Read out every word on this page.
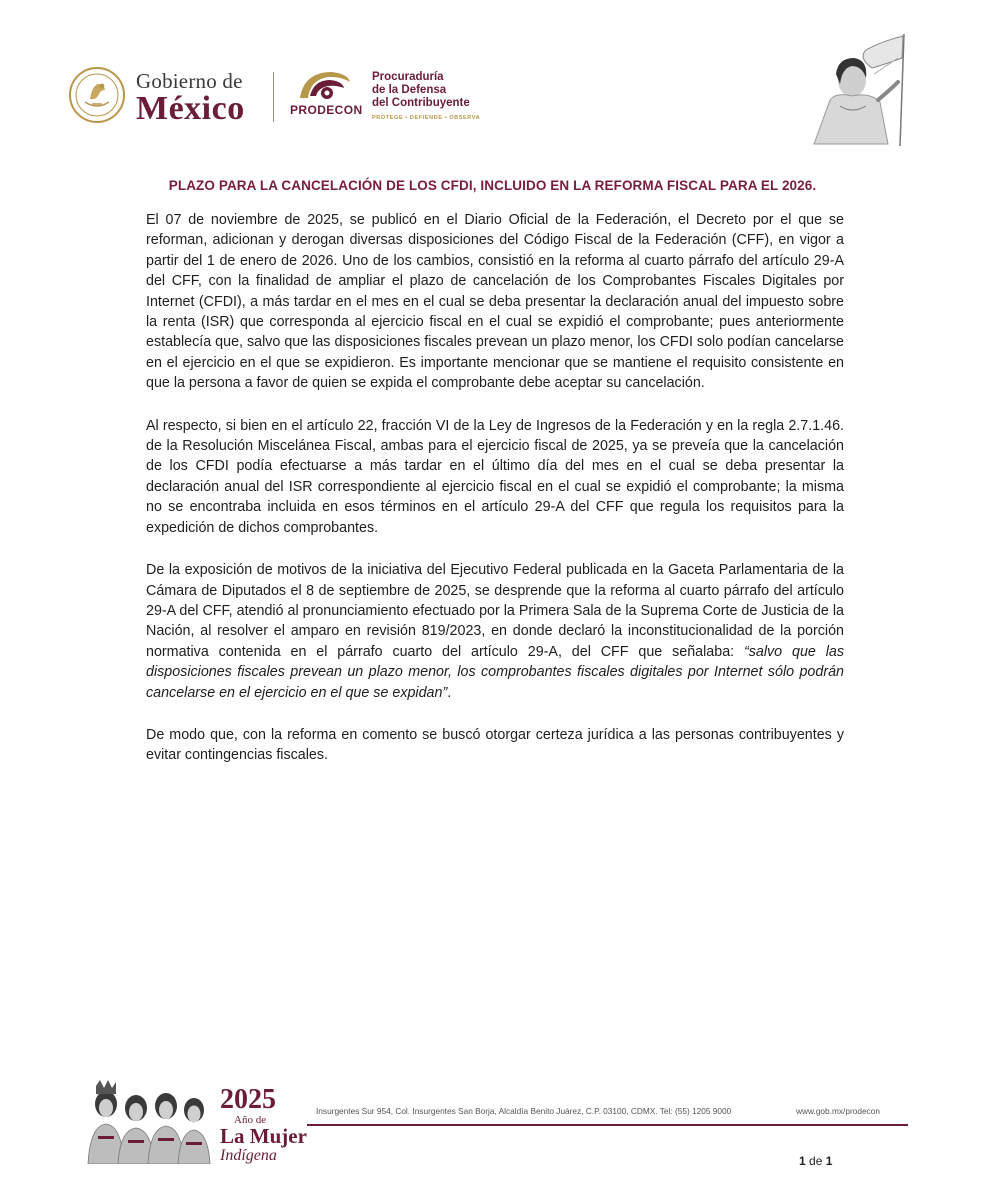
Gobierno de
México	PRODECON
Procuraduría
de la Defensa
del Contribuyente
PROTEGE • DEFIENDE • OBSERVA
PLAZO PARA LA CANCELACIÓN DE LOS CFDI, INCLUIDO EN LA REFORMA FISCAL PARA EL 2026.

El 07 de noviembre de 2025, se publicó en el Diario Oficial de la Federación, el Decreto por el que se reforman, adicionan y derogan diversas disposiciones del Código Fiscal de la Federación (CFF), en vigor a partir del 1 de enero de 2026. Uno de los cambios, consistió en la reforma al cuarto párrafo del artículo 29-A del CFF, con la finalidad de ampliar el plazo de cancelación de los Comprobantes Fiscales Digitales por Internet (CFDI), a más tardar en el mes en el cual se deba presentar la declaración anual del impuesto sobre la renta (ISR) que corresponda al ejercicio fiscal en el cual se expidió el comprobante; pues anteriormente establecía que, salvo que las disposiciones fiscales prevean un plazo menor, los CFDI solo podían cancelarse en el ejercicio en el que se expidieron. Es importante mencionar que se mantiene el requisito consistente en que la persona a favor de quien se expida el comprobante debe aceptar su cancelación.

Al respecto, si bien en el artículo 22, fracción VI de la Ley de Ingresos de la Federación y en la regla 2.7.1.46. de la Resolución Miscelánea Fiscal, ambas para el ejercicio fiscal de 2025, ya se preveía que la cancelación de los CFDI podía efectuarse a más tardar en el último día del mes en el cual se deba presentar la declaración anual del ISR correspondiente al ejercicio fiscal en el cual se expidió el comprobante; la misma no se encontraba incluida en esos términos en el artículo 29-A del CFF que regula los requisitos para la expedición de dichos comprobantes.

De la exposición de motivos de la iniciativa del Ejecutivo Federal publicada en la Gaceta Parlamentaria de la Cámara de Diputados el 8 de septiembre de 2025, se desprende que la reforma al cuarto párrafo del artículo 29-A del CFF, atendió al pronunciamiento efectuado por la Primera Sala de la Suprema Corte de Justicia de la Nación, al resolver el amparo en revisión 819/2023, en donde declaró la inconstitucionalidad de la porción normativa contenida en el párrafo cuarto del artículo 29-A, del CFF que señalaba: “salvo que las disposiciones fiscales prevean un plazo menor, los comprobantes fiscales digitales por Internet sólo podrán cancelarse en el ejercicio en el que se expidan”.

De modo que, con la reforma en comento se buscó otorgar certeza jurídica a las personas contribuyentes y evitar contingencias fiscales.

2025
Año de
La Mujer
Indígena
Insurgentes Sur 954, Col. Insurgentes San Borja, Alcaldía Benito Juárez, C.P. 03100, CDMX. Tel: (55) 1205 9000	www.gob.mx/prodecon
1 de 1
